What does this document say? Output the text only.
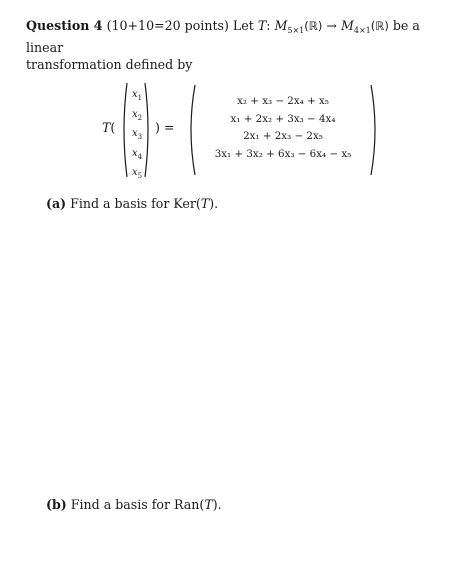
Question 4 (10+10=20 points) Let T: $M_{5\times 1}(ℝ)$ → $M_{4\times 1}(ℝ)$ be a linear
transformation defined by
T(
$x_1$
$x_2$
$x_3$
$x_4$
$x_5$
) =
x₂ + x₃ − 2x₄ + x₅
x₁ + 2x₂ + 3x₃ − 4x₄
2x₁ + 2x₃ − 2x₅
3x₁ + 3x₂ + 6x₃ − 6x₄ − x₅
(a) Find a basis for Ker(T).
(b) Find a basis for Ran(T).
